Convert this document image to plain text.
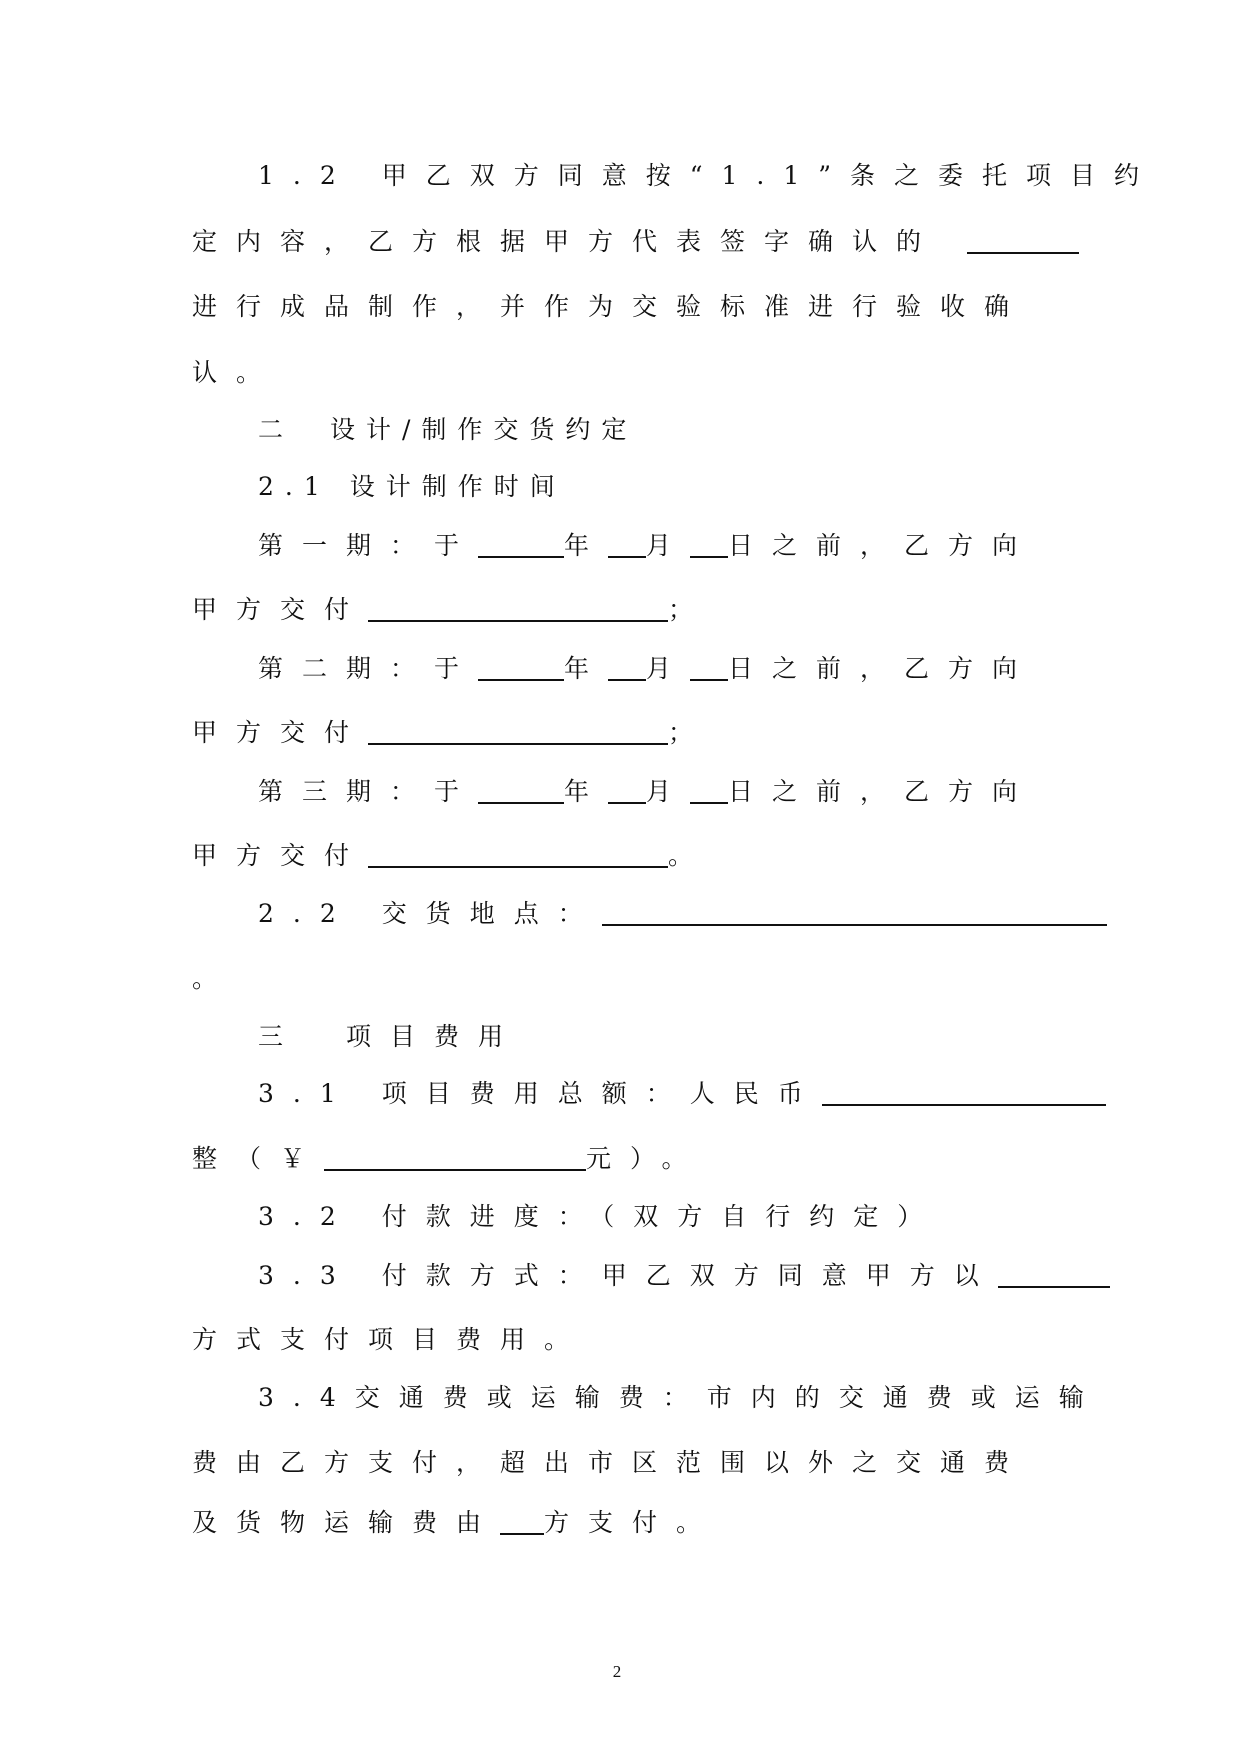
1.2 甲乙双方同意按“1.1”条之委托项目约
定内容，乙方根据甲方代表签字确认的
进行成品制作，并作为交验标准进行验收确
认。
二　设计/制作交货约定
2.1 设计制作时间
第一期：于	年 月 日之前，乙方向
甲方交付	；
第二期：于	年 月 日之前，乙方向
甲方交付	；
第三期：于	年 月 日之前，乙方向
甲方交付	。
2.2 交货地点：
。
三　项目费用
3.1 项目费用总额：人民币
整（￥	元）。
3.2 付款进度：（双方自行约定）
3.3 付款方式：甲乙双方同意甲方以
方式支付项目费用。
3.4交通费或运输费：市内的交通费或运输
费由乙方支付，超出市区范围以外之交通费
及货物运输费由 方支付。
2
